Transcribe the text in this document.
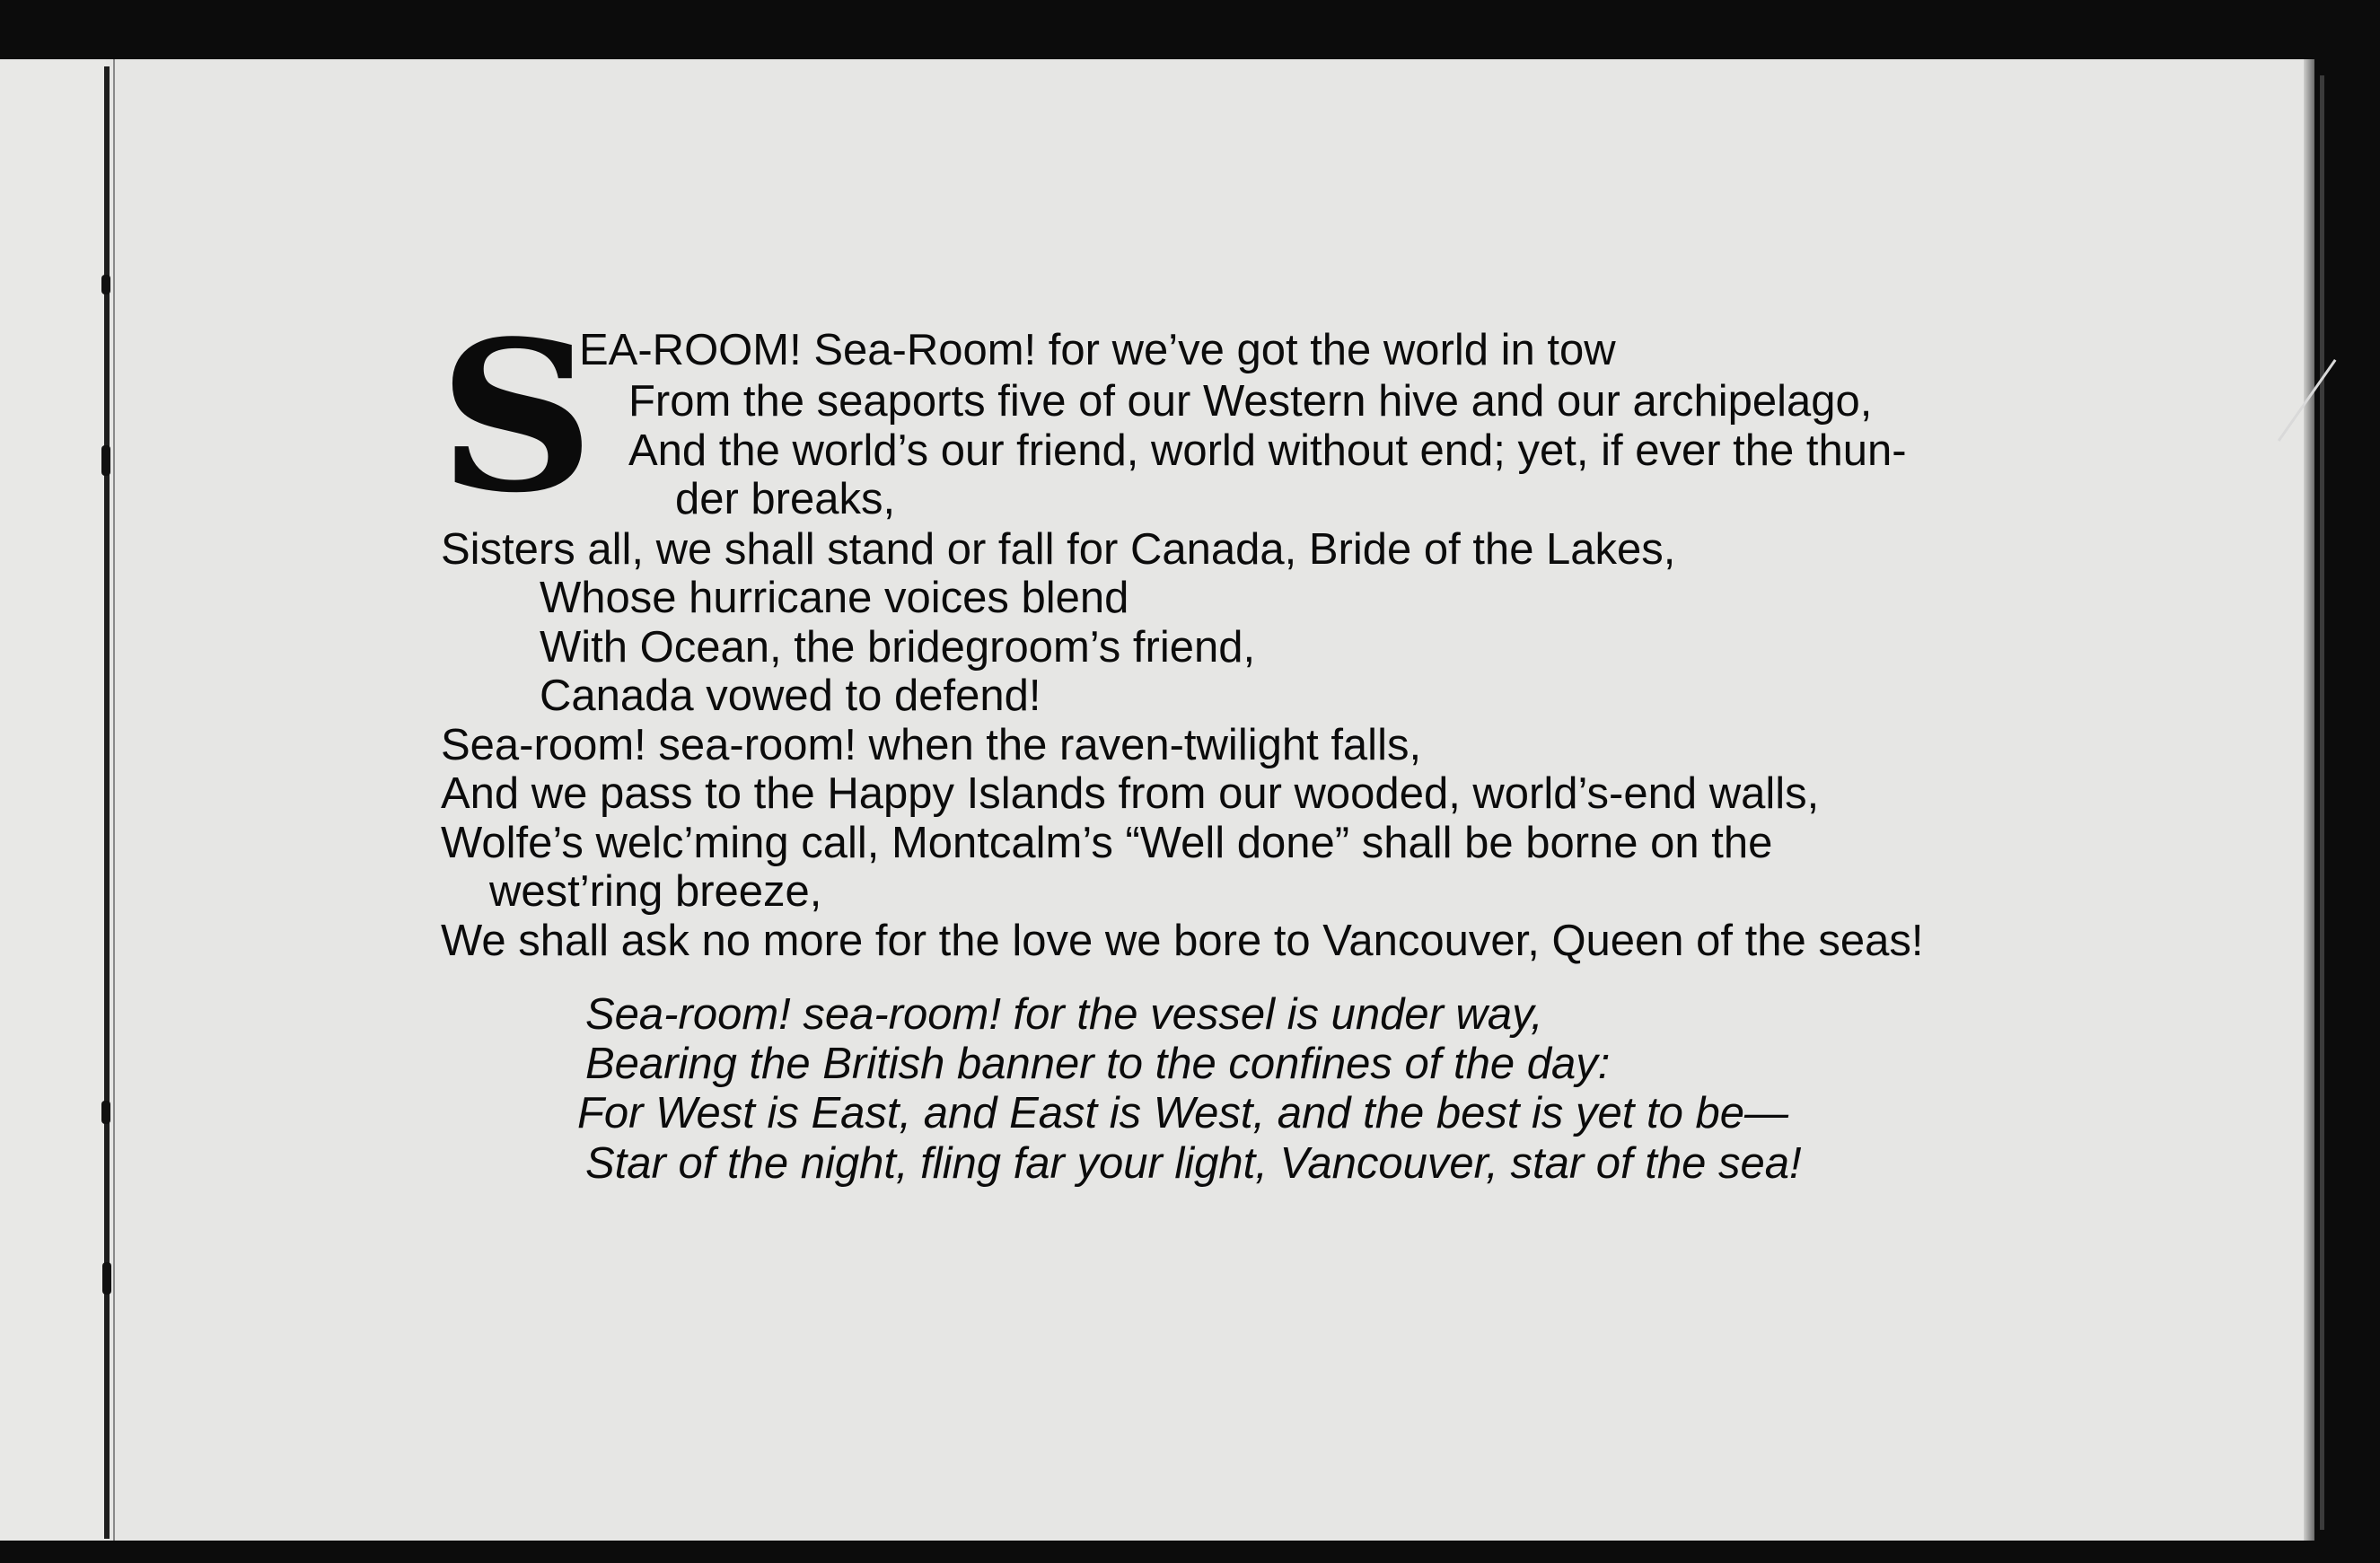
S
EA-ROOM! Sea-Room! for we’ve got the world in tow
From the seaports five of our Western hive and our archipelago,
And the world’s our friend, world without end; yet, if ever the thun-
der breaks,
Sisters all, we shall stand or fall for Canada, Bride of the Lakes,
Whose hurricane voices blend
With Ocean, the bridegroom’s friend,
Canada vowed to defend!
Sea-room! sea-room! when the raven-twilight falls,
And we pass to the Happy Islands from our wooded, world’s-end walls,
Wolfe’s welc’ming call, Montcalm’s “Well done” shall be borne on the
west’ring breeze,
We shall ask no more for the love we bore to Vancouver, Queen of the seas!
Sea-room! sea-room! for the vessel is under way,
Bearing the British banner to the confines of the day:
For West is East, and East is West, and the best is yet to be—
Star of the night, fling far your light, Vancouver, star of the sea!
